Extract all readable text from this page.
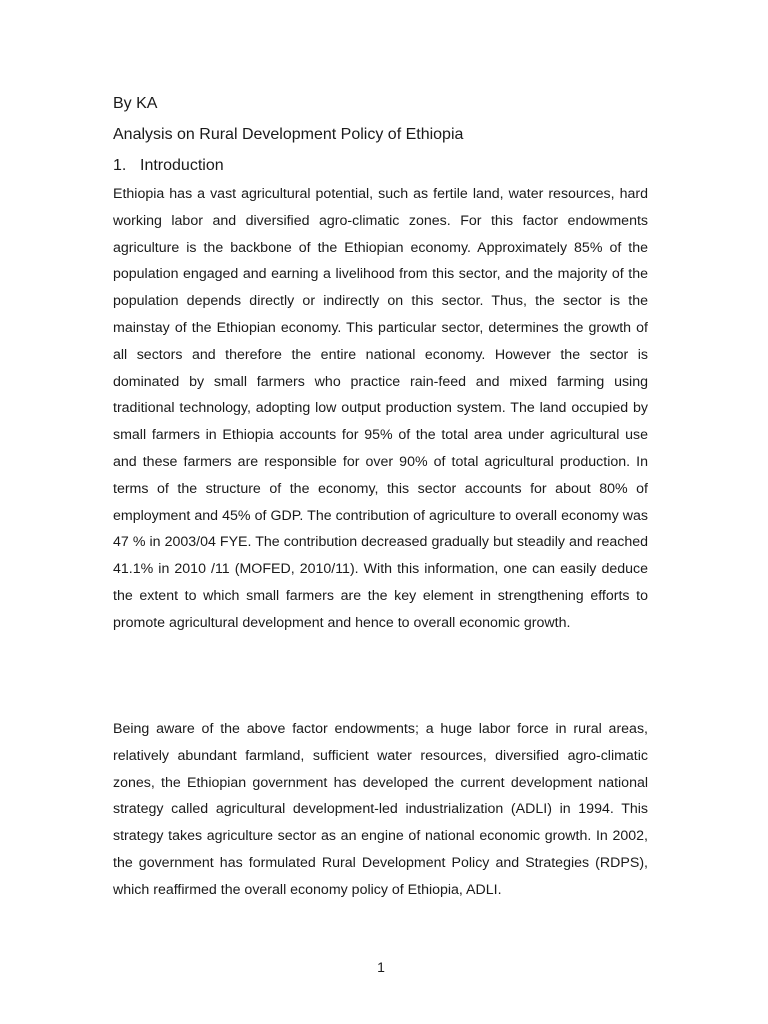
By KA

Analysis on Rural Development Policy of Ethiopia
1. Introduction

Ethiopia has a vast agricultural potential, such as fertile land, water resources, hard working labor and diversified agro-climatic zones. For this factor endowments agriculture is the backbone of the Ethiopian economy. Approximately 85% of the population engaged and earning a livelihood from this sector, and the majority of the population depends directly or indirectly on this sector. Thus, the sector is the mainstay of the Ethiopian economy. This particular sector, determines the growth of all sectors and therefore the entire national economy. However the sector is dominated by small farmers who practice rain-feed and mixed farming using traditional technology, adopting low output production system. The land occupied by small farmers in Ethiopia accounts for 95% of the total area under agricultural use and these farmers are responsible for over 90% of total agricultural production. In terms of the structure of the economy, this sector accounts for about 80% of employment and 45% of GDP. The contribution of agriculture to overall economy was 47 % in 2003/04 FYE. The contribution decreased gradually but steadily and reached 41.1% in 2010 /11 (MOFED, 2010/11). With this information, one can easily deduce the extent to which small farmers are the key element in strengthening efforts to promote agricultural development and hence to overall economic growth.

Being aware of the above factor endowments; a huge labor force in rural areas, relatively abundant farmland, sufficient water resources, diversified agro-climatic zones, the Ethiopian government has developed the current development national strategy called agricultural development-led industrialization (ADLI) in 1994. This strategy takes agriculture sector as an engine of national economic growth. In 2002, the government has formulated Rural Development Policy and Strategies (RDPS), which reaffirmed the overall economy policy of Ethiopia, ADLI.

1
